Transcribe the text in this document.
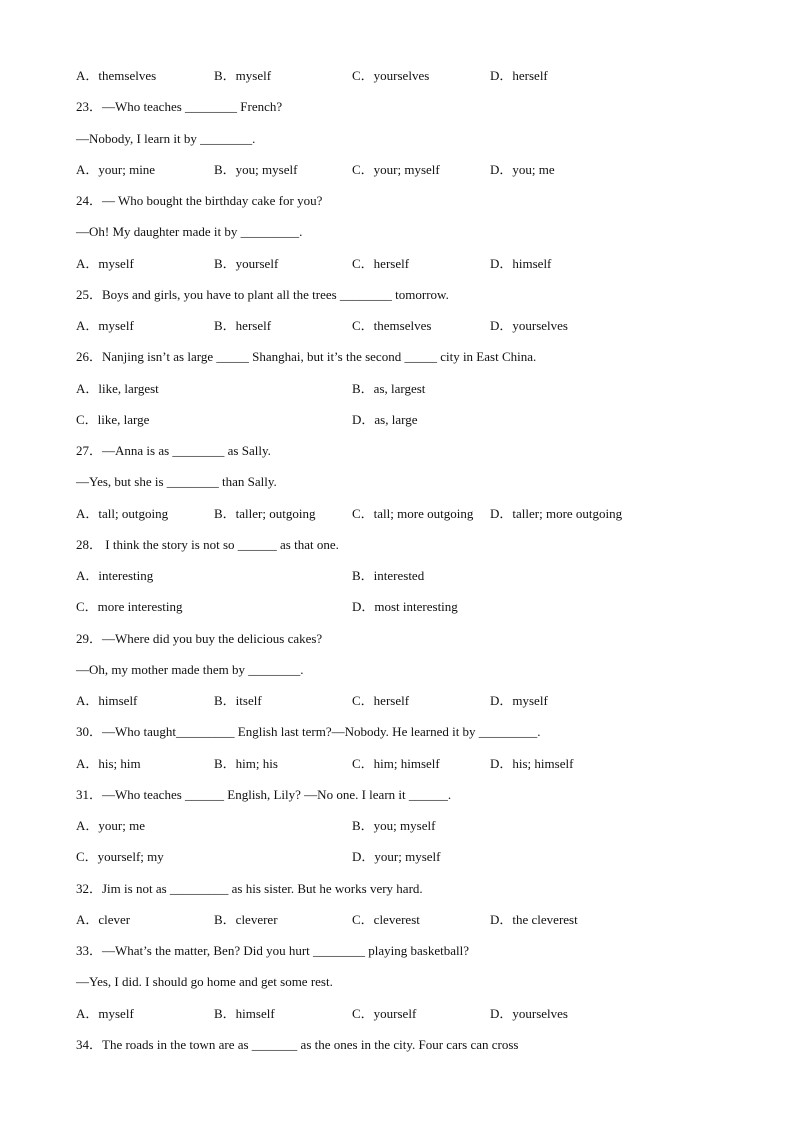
A．themselves	B．myself	C．yourselves	D．herself

23．—Who teaches ________ French?

—Nobody, I learn it by ________.

A．your; mine	B．you; myself	C．your; myself	D．you; me

24．— Who bought the birthday cake for you?

—Oh! My daughter made it by _________.

A．myself	B．yourself	C．herself	D．himself

25．Boys and girls, you have to plant all the trees ________ tomorrow.

A．myself	B．herself	C．themselves	D．yourselves

26．Nanjing isn’t as large _____ Shanghai, but it’s the second _____ city in East China.

A．like, largest	B．as, largest
C．like, large	D．as, large

27．—Anna is as ________ as Sally.

—Yes, but she is ________ than Sally.

A．tall; outgoing	B．taller; outgoing	C．tall; more outgoing D．taller; more outgoing

28． I think the story is not so ______ as that one.

A．interesting	B．interested
C．more interesting	D．most interesting

29．—Where did you buy the delicious cakes?

—Oh, my mother made them by ________.

A．himself	B．itself	C．herself	D．myself

30．—Who taught_________ English last term?—Nobody. He learned it by _________.

A．his; him	B．him; his	C．him; himself	D．his; himself

31．—Who teaches ______ English, Lily? —No one. I learn it ______.

A．your; me	B．you; myself
C．yourself; my	D．your; myself

32．Jim is not as _________ as his sister. But he works very hard.

A．clever	B．cleverer	C．cleverest	D．the cleverest

33．—What’s the matter, Ben? Did you hurt ________ playing basketball?

—Yes, I did. I should go home and get some rest.

A．myself	B．himself	C．yourself	D．yourselves

34．The roads in the town are as _______ as the ones in the city. Four cars can cross
